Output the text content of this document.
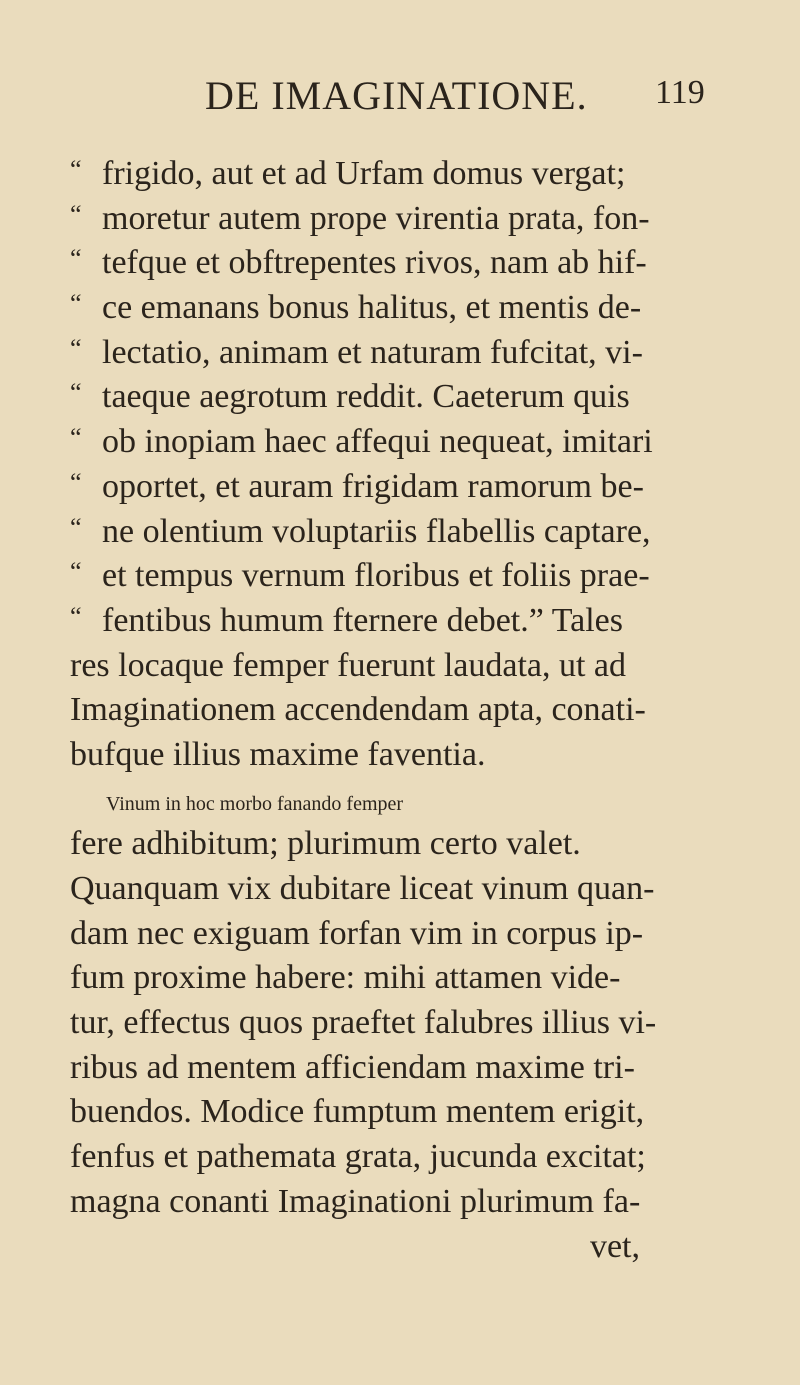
DE IMAGINATIONE. 119
“ frigido, aut et ad Urfam domus vergat;
“ moretur autem prope virentia prata, fon-
“ tefque et obftrepentes rivos, nam ab hif-
“ ce emanans bonus halitus, et mentis de-
“ lectatio, animam et naturam fufcitat, vi-
“ taeque aegrotum reddit. Caeterum quis
“ ob inopiam haec affequi nequeat, imitari
“ oportet, et auram frigidam ramorum be-
“ ne olentium voluptariis flabellis captare,
“ et tempus vernum floribus et foliis prae-
“ fentibus humum fternere debet.” Tales
res locaque femper fuerunt laudata, ut ad
Imaginationem accendendam apta, conati-
bufque illius maxime faventia.
Vinum in hoc morbo fanando femper
fere adhibitum; plurimum certo valet.
Quanquam vix dubitare liceat vinum quan-
dam nec exiguam forfan vim in corpus ip-
fum proxime habere: mihi attamen vide-
tur, effectus quos praeftet falubres illius vi-
ribus ad mentem afficiendam maxime tri-
buendos. Modice fumptum mentem erigit,
fenfus et pathemata grata, jucunda excitat;
magna conanti Imaginationi plurimum fa-
vet,
